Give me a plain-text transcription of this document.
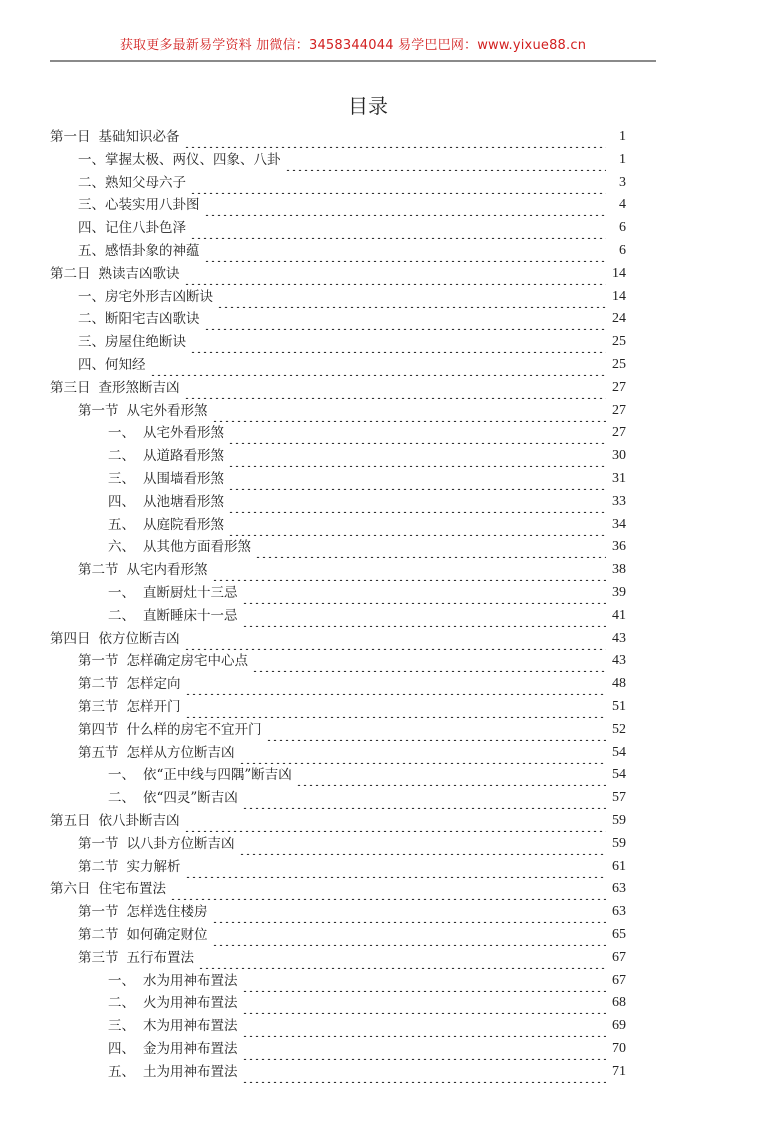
获取更多最新易学资料 加微信：3458344044 易学巴巴网：www.yixue88.cn
目录
第一日 基础知识必备	1
一、 掌握太极、两仪、四象、八卦	1
二、 熟知父母六子	3
三、 心装实用八卦图	4
四、 记住八卦色泽	6
五、 感悟卦象的神蕴	6
第二日 熟读吉凶歌诀	14
一、 房宅外形吉凶断诀	14
二、 断阳宅吉凶歌诀	24
三、 房屋住绝断诀	25
四、 何知经	25
第三日 查形煞断吉凶	27
第一节 从宅外看形煞	27
一、 从宅外看形煞	27
二、 从道路看形煞	30
三、 从围墙看形煞	31
四、 从池塘看形煞	33
五、 从庭院看形煞	34
六、 从其他方面看形煞	36
第二节 从宅内看形煞	38
一、 直断厨灶十三忌	39
二、 直断睡床十一忌	41
第四日 依方位断吉凶	43
第一节 怎样确定房宅中心点	43
第二节 怎样定向	48
第三节 怎样开门	51
第四节 什么样的房宅不宜开门	52
第五节 怎样从方位断吉凶	54
一、 依“正中线与四隅”断吉凶	54
二、 依“四灵”断吉凶	57
第五日 依八卦断吉凶	59
第一节 以八卦方位断吉凶	59
第二节 实力解析	61
第六日 住宅布置法	63
第一节 怎样选住楼房	63
第二节 如何确定财位	65
第三节 五行布置法	67
一、 水为用神布置法	67
二、 火为用神布置法	68
三、 木为用神布置法	69
四、 金为用神布置法	70
五、 土为用神布置法	71
